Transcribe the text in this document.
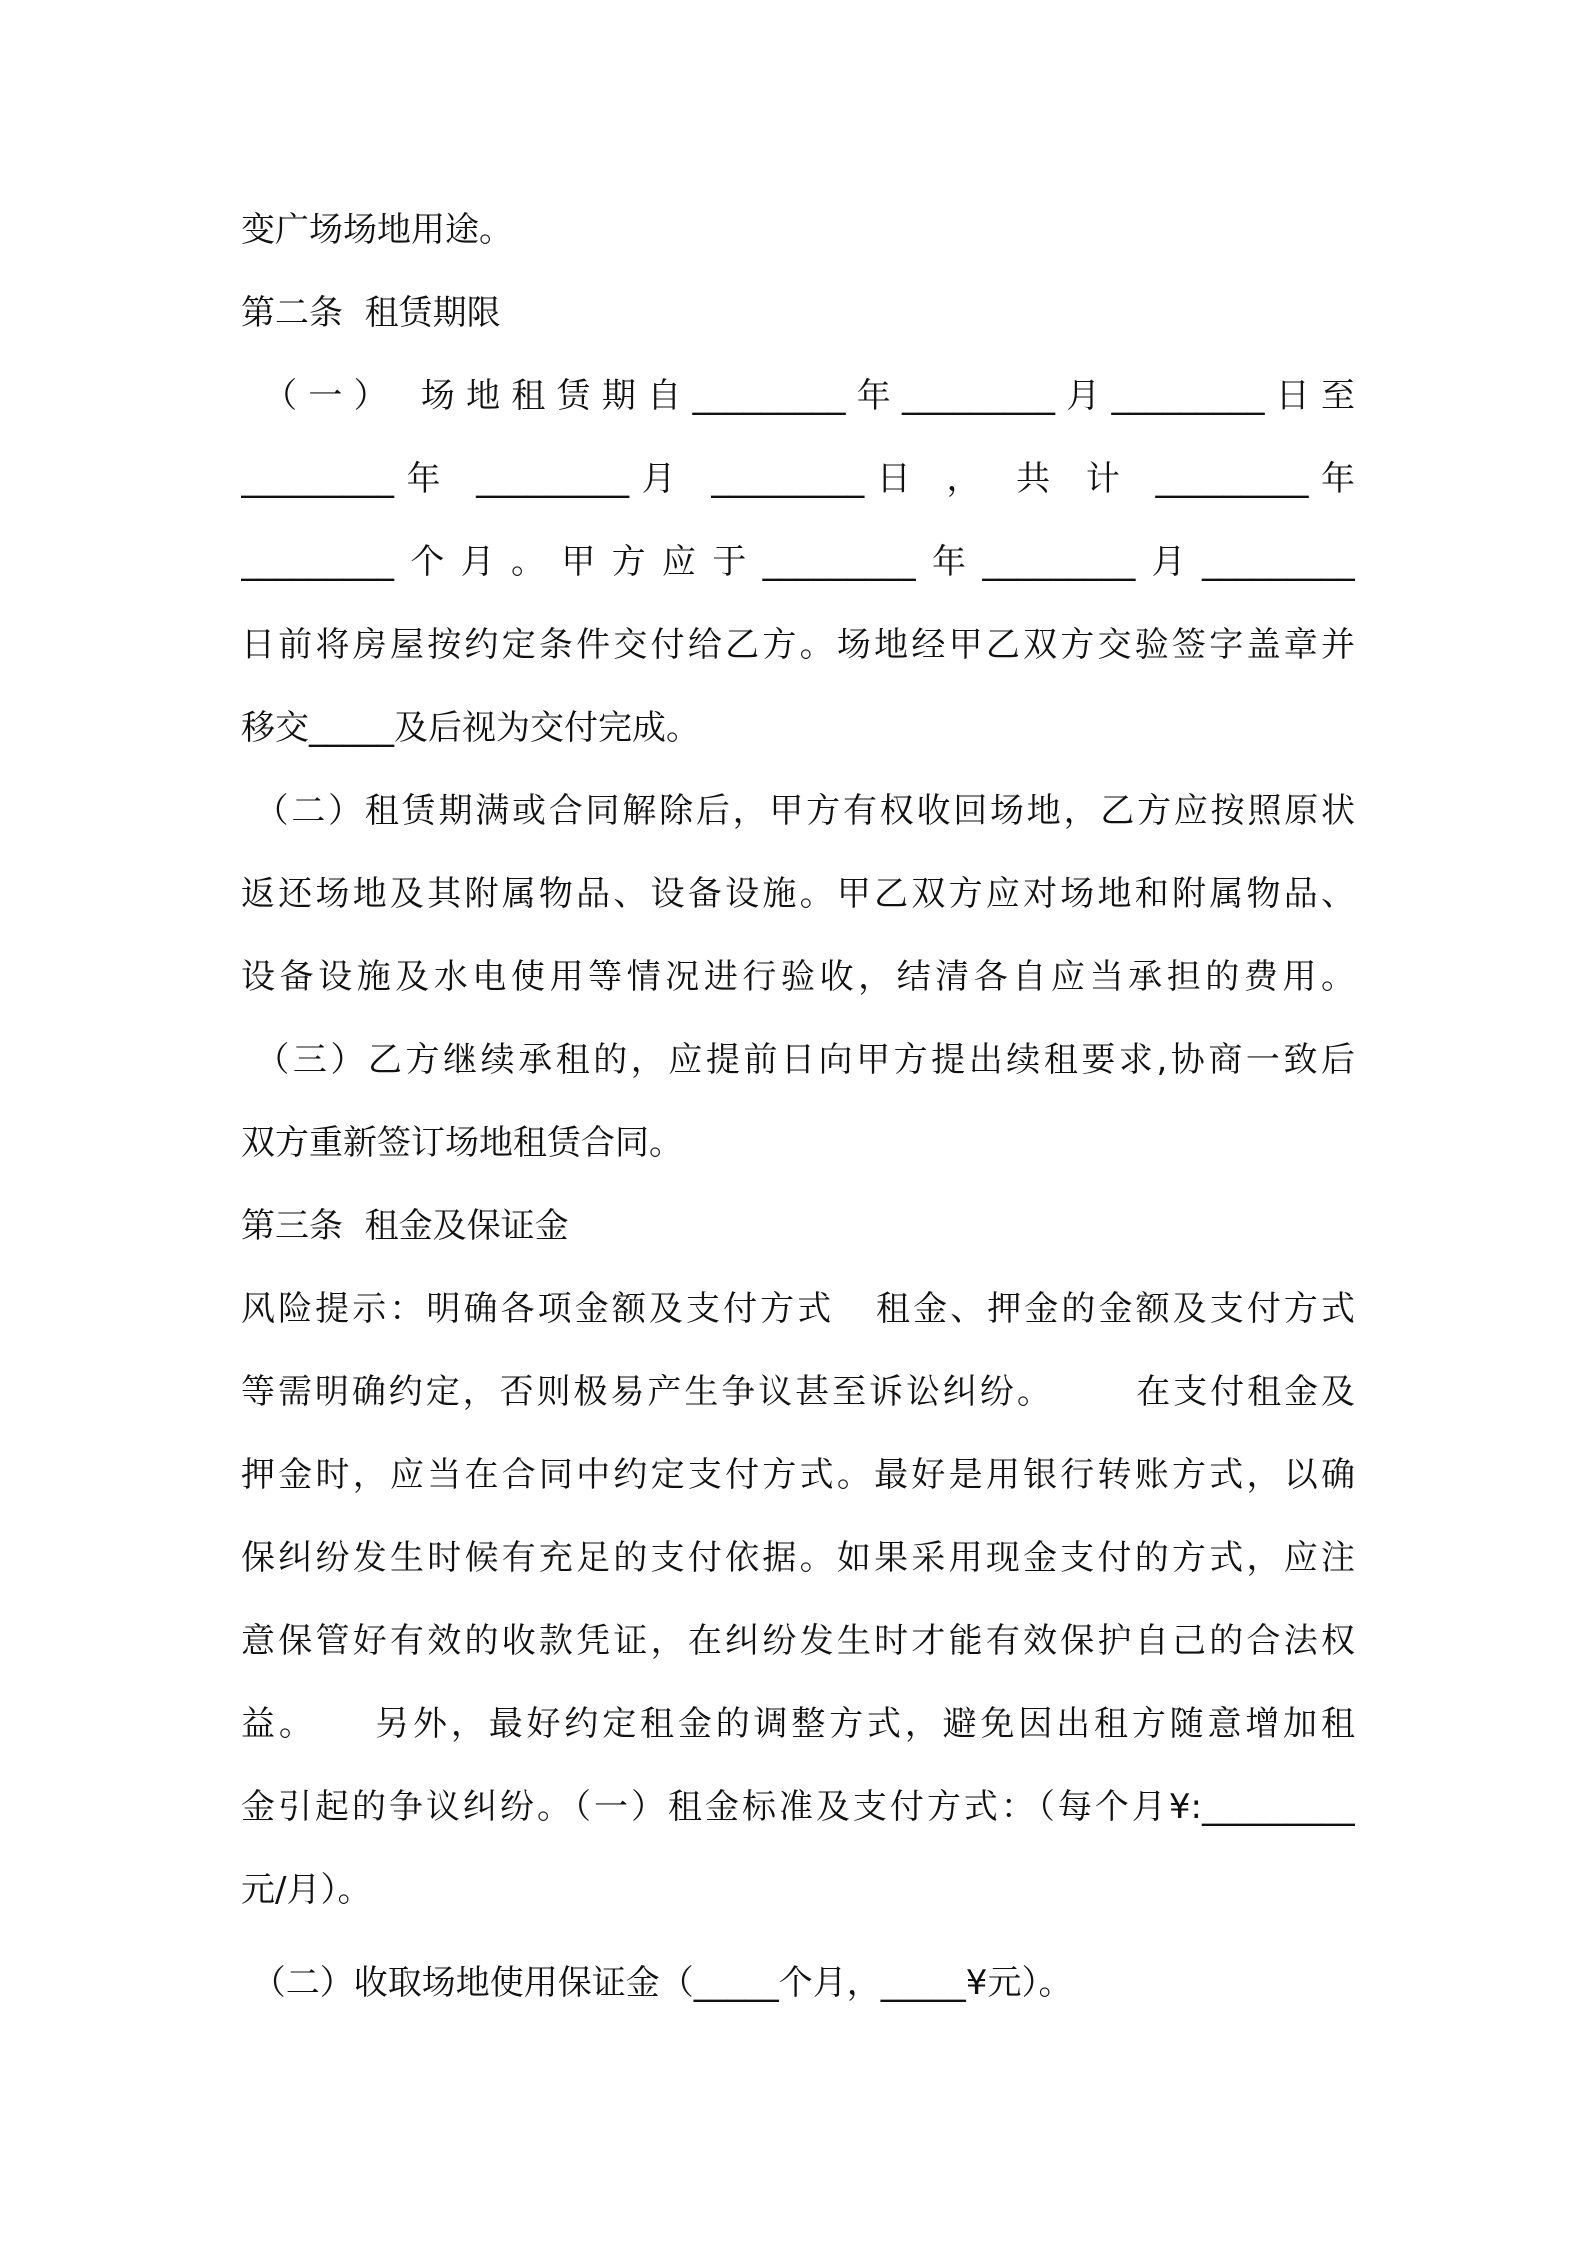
变广场场地用途。
第二条  租赁期限
（一） 场地租赁期自_________年_________月_________日至
_________年 _________月 _________日 ， 共 计 _________年
_________个月。甲方应于_________年_________月_________
日前将房屋按约定条件交付给乙方。场地经甲乙双方交验签字盖章并
移交_____及后视为交付完成。
（二）租赁期满或合同解除后，甲方有权收回场地，乙方应按照原状
返还场地及其附属物品、设备设施。甲乙双方应对场地和附属物品、
设备设施及水电使用等情况进行验收，结清各自应当承担的费用。
（三）乙方继续承租的，应提前日向甲方提出续租要求,协商一致后
双方重新签订场地租赁合同。
第三条  租金及保证金
风险提示：明确各项金额及支付方式   租金、押金的金额及支付方式
等需明确约定，否则极易产生争议甚至诉讼纠纷。      在支付租金及
押金时，应当在合同中约定支付方式。最好是用银行转账方式，以确
保纠纷发生时候有充足的支付依据。如果采用现金支付的方式，应注
意保管好有效的收款凭证，在纠纷发生时才能有效保护自己的合法权
益。    另外，最好约定租金的调整方式，避免因出租方随意增加租
金引起的争议纠纷。（一）租金标准及支付方式：（每个月¥:_________
元/月）。
（二）收取场地使用保证金（_____个月，_____¥元）。
